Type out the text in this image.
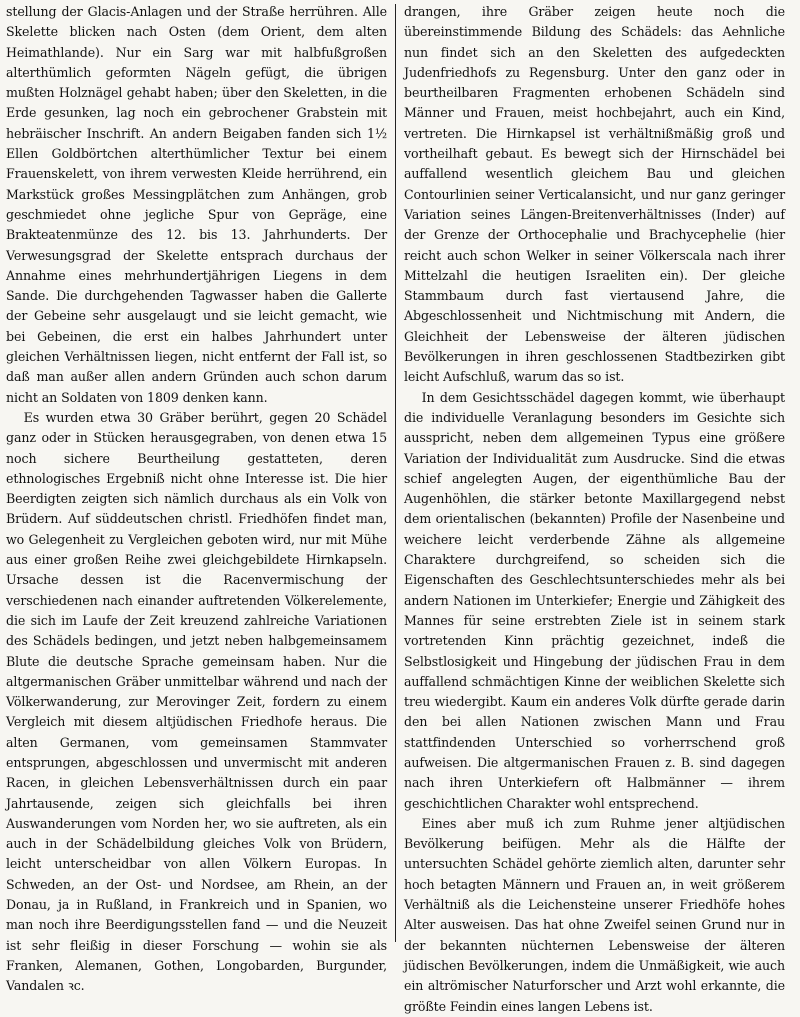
stellung der Glacis-Anlagen und der Straße herrühren. Alle Skelette blicken nach Osten (dem Orient, dem alten Heimathlande). Nur ein Sarg war mit halbfußgroßen alterthümlich geformten Nägeln gefügt, die übrigen mußten Holznägel gehabt haben; über den Skeletten, in die Erde gesunken, lag noch ein gebrochener Grabstein mit hebräischer Inschrift. An andern Beigaben fanden sich 1½ Ellen Goldbörtchen alterthümlicher Textur bei einem Frauenskelett, von ihrem verwesten Kleide herrührend, ein Markstück großes Messingplätchen zum Anhängen, grob geschmiedet ohne jegliche Spur von Gepräge, eine Brakteatenmünze des 12. bis 13. Jahrhunderts. Der Verwesungsgrad der Skelette entsprach durchaus der Annahme eines mehrhundertjährigen Liegens in dem Sande. Die durchgehenden Tagwasser haben die Gallerte der Gebeine sehr ausgelaugt und sie leicht gemacht, wie bei Gebeinen, die erst ein halbes Jahrhundert unter gleichen Verhältnissen liegen, nicht entfernt der Fall ist, so daß man außer allen andern Gründen auch schon darum nicht an Soldaten von 1809 denken kann.

Es wurden etwa 30 Gräber berührt, gegen 20 Schädel ganz oder in Stücken herausgegraben, von denen etwa 15 noch sichere Beurtheilung gestatteten, deren ethnologisches Ergebniß nicht ohne Interesse ist. Die hier Beerdigten zeigten sich nämlich durchaus als ein Volk von Brüdern. Auf süddeutschen christl. Friedhöfen findet man, wo Gelegenheit zu Vergleichen geboten wird, nur mit Mühe aus einer großen Reihe zwei gleichgebildete Hirnkapseln. Ursache dessen ist die Racenvermischung der verschiedenen nach einander auftretenden Völkerelemente, die sich im Laufe der Zeit kreuzend zahlreiche Variationen des Schädels bedingen, und jetzt neben halbgemeinsamem Blute die deutsche Sprache gemeinsam haben. Nur die altgermanischen Gräber unmittelbar während und nach der Völkerwanderung, zur Merovinger Zeit, fordern zu einem Vergleich mit diesem altjüdischen Friedhofe heraus. Die alten Germanen, vom gemeinsamen Stammvater entsprungen, abgeschlossen und unvermischt mit anderen Racen, in gleichen Lebensverhältnissen durch ein paar Jahrtausende, zeigen sich gleichfalls bei ihren Auswanderungen vom Norden her, wo sie auftreten, als ein auch in der Schädelbildung gleiches Volk von Brüdern, leicht unterscheidbar von allen Völkern Europas. In Schweden, an der Ost- und Nordsee, am Rhein, an der Donau, ja in Rußland, in Frankreich und in Spanien, wo man noch ihre Beerdigungsstellen fand — und die Neuzeit ist sehr fleißig in dieser Forschung — wohin sie als Franken, Alemanen, Gothen, Longobarden, Burgunder, Vandalen ꝛc.

drangen, ihre Gräber zeigen heute noch die übereinstimmende Bildung des Schädels: das Aehnliche nun findet sich an den Skeletten des aufgedeckten Judenfriedhofs zu Regensburg. Unter den ganz oder in beurtheilbaren Fragmenten erhobenen Schädeln sind Männer und Frauen, meist hochbejahrt, auch ein Kind, vertreten. Die Hirnkapsel ist verhältnißmäßig groß und vortheilhaft gebaut. Es bewegt sich der Hirnschädel bei auffallend wesentlich gleichem Bau und gleichen Contourlinien seiner Verticalansicht, und nur ganz geringer Variation seines Längen-Breitenverhältnisses (Inder) auf der Grenze der Orthocephalie und Brachycephelie (hier reicht auch schon Welker in seiner Völkerscala nach ihrer Mittelzahl die heutigen Israeliten ein). Der gleiche Stammbaum durch fast viertausend Jahre, die Abgeschlossenheit und Nichtmischung mit Andern, die Gleichheit der Lebensweise der älteren jüdischen Bevölkerungen in ihren geschlossenen Stadtbezirken gibt leicht Aufschluß, warum das so ist.

In dem Gesichtsschädel dagegen kommt, wie überhaupt die individuelle Veranlagung besonders im Gesichte sich ausspricht, neben dem allgemeinen Typus eine größere Variation der Individualität zum Ausdrucke. Sind die etwas schief angelegten Augen, der eigenthümliche Bau der Augenhöhlen, die stärker betonte Maxillargegend nebst dem orientalischen (bekannten) Profile der Nasenbeine und weichere leicht verderbende Zähne als allgemeine Charaktere durchgreifend, so scheiden sich die Eigenschaften des Geschlechtsunterschiedes mehr als bei andern Nationen im Unterkiefer; Energie und Zähigkeit des Mannes für seine erstrebten Ziele ist in seinem stark vortretenden Kinn prächtig gezeichnet, indeß die Selbstlosigkeit und Hingebung der jüdischen Frau in dem auffallend schmächtigen Kinne der weiblichen Skelette sich treu wiedergibt. Kaum ein anderes Volk dürfte gerade darin den bei allen Nationen zwischen Mann und Frau stattfindenden Unterschied so vorherrschend groß aufweisen. Die altgermanischen Frauen z. B. sind dagegen nach ihren Unterkiefern oft Halbmänner — ihrem geschichtlichen Charakter wohl entsprechend.

Eines aber muß ich zum Ruhme jener altjüdischen Bevölkerung beifügen. Mehr als die Hälfte der untersuchten Schädel gehörte ziemlich alten, darunter sehr hoch betagten Männern und Frauen an, in weit größerem Verhältniß als die Leichensteine unserer Friedhöfe hohes Alter ausweisen. Das hat ohne Zweifel seinen Grund nur in der bekannten nüchternen Lebensweise der älteren jüdischen Bevölkerungen, indem die Unmäßigkeit, wie auch ein altrömischer Naturforscher und Arzt wohl erkannte, die größte Feindin eines langen Lebens ist.
